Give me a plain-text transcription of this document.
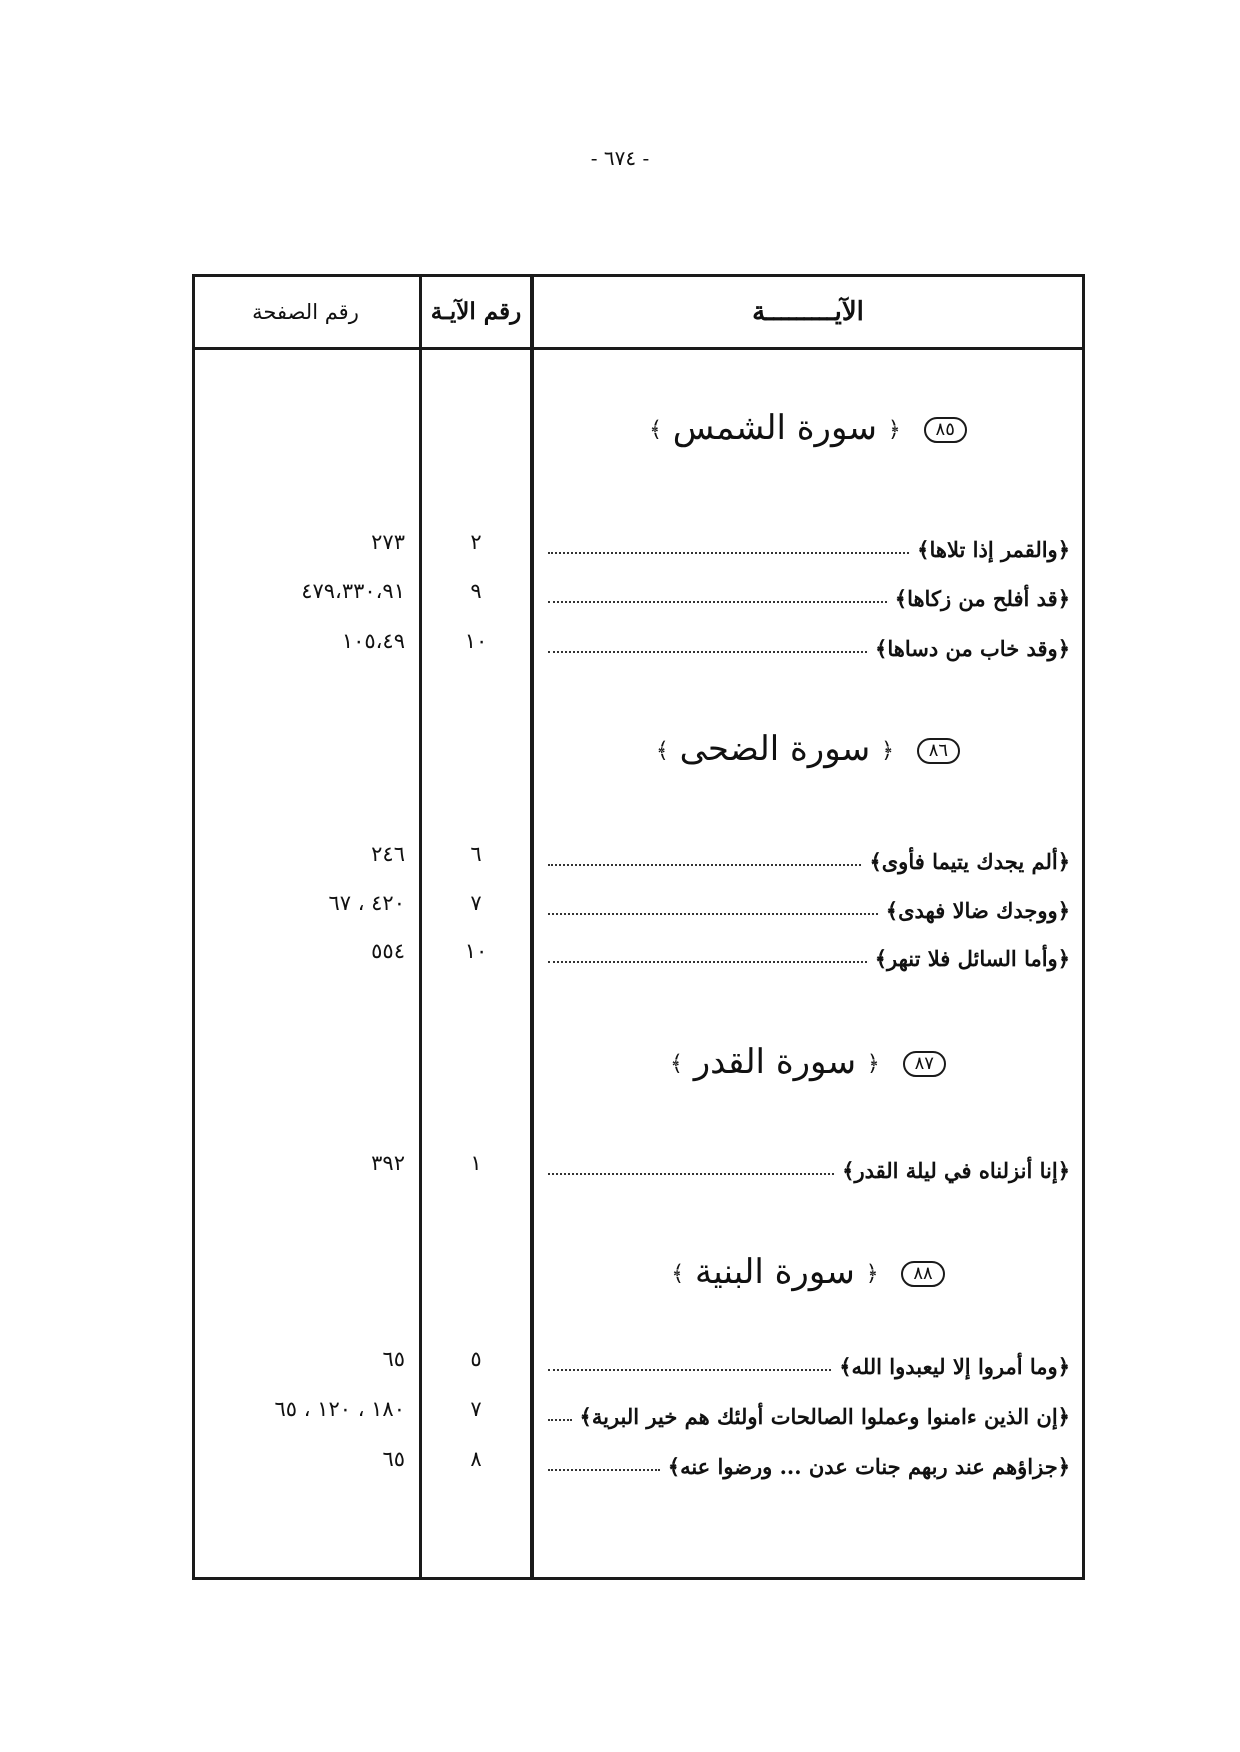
- ٦٧٤ -
الآيـــــــــة
رقم الآيـة
رقم الصفحة
٨٥ ﴿ سورة الشمس ﴾
﴿والقمر إذا تلاها﴾
٢
٢٧٣
﴿قد أفلح من زكاها﴾
٩
٤٧٩،٣٣٠،٩١
﴿وقد خاب من دساها﴾
١٠
١٠٥،٤٩
٨٦ ﴿ سورة الضحى ﴾
﴿ألم يجدك يتيما فأوى﴾
٦
٢٤٦
﴿ووجدك ضالا فهدى﴾
٧
٤٢٠ ، ٦٧
﴿وأما السائل فلا تنهر﴾
١٠
٥٥٤
٨٧ ﴿ سورة القدر ﴾
﴿إنا أنزلناه في ليلة القدر﴾
١
٣٩٢
٨٨ ﴿ سورة البنية ﴾
﴿وما أمروا إلا ليعبدوا الله﴾
٥
٦٥
﴿إن الذين ءامنوا وعملوا الصالحات أولئك هم خير البرية﴾
٧
١٨٠ ، ١٢٠ ، ٦٥
﴿جزاؤهم عند ربهم جنات عدن ... ورضوا عنه﴾
٨
٦٥
